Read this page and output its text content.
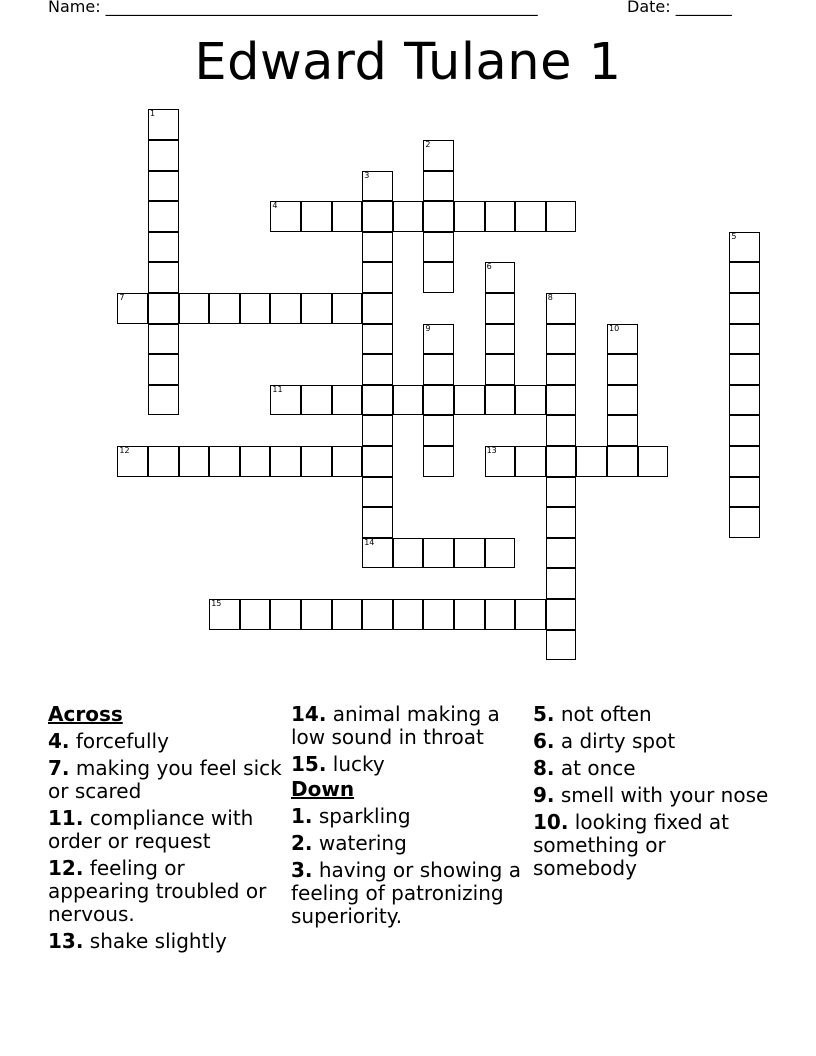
Name: ______________________________________________________	Date: _______
Edward Tulane 1
1
2
3
14
4
5
6
7	8
9	10
11
12	13
15
Across
4. forcefully
7. making you feel sick or scared
11. compliance with order or request
12. feeling or appearing troubled or nervous.
13. shake slightly
14. animal making a low sound in throat
15. lucky
Down
1. sparkling
2. watering
3. having or showing a feeling of patronizing superiority.
5. not often
6. a dirty spot
8. at once
9. smell with your nose
10. looking fixed at something or somebody
